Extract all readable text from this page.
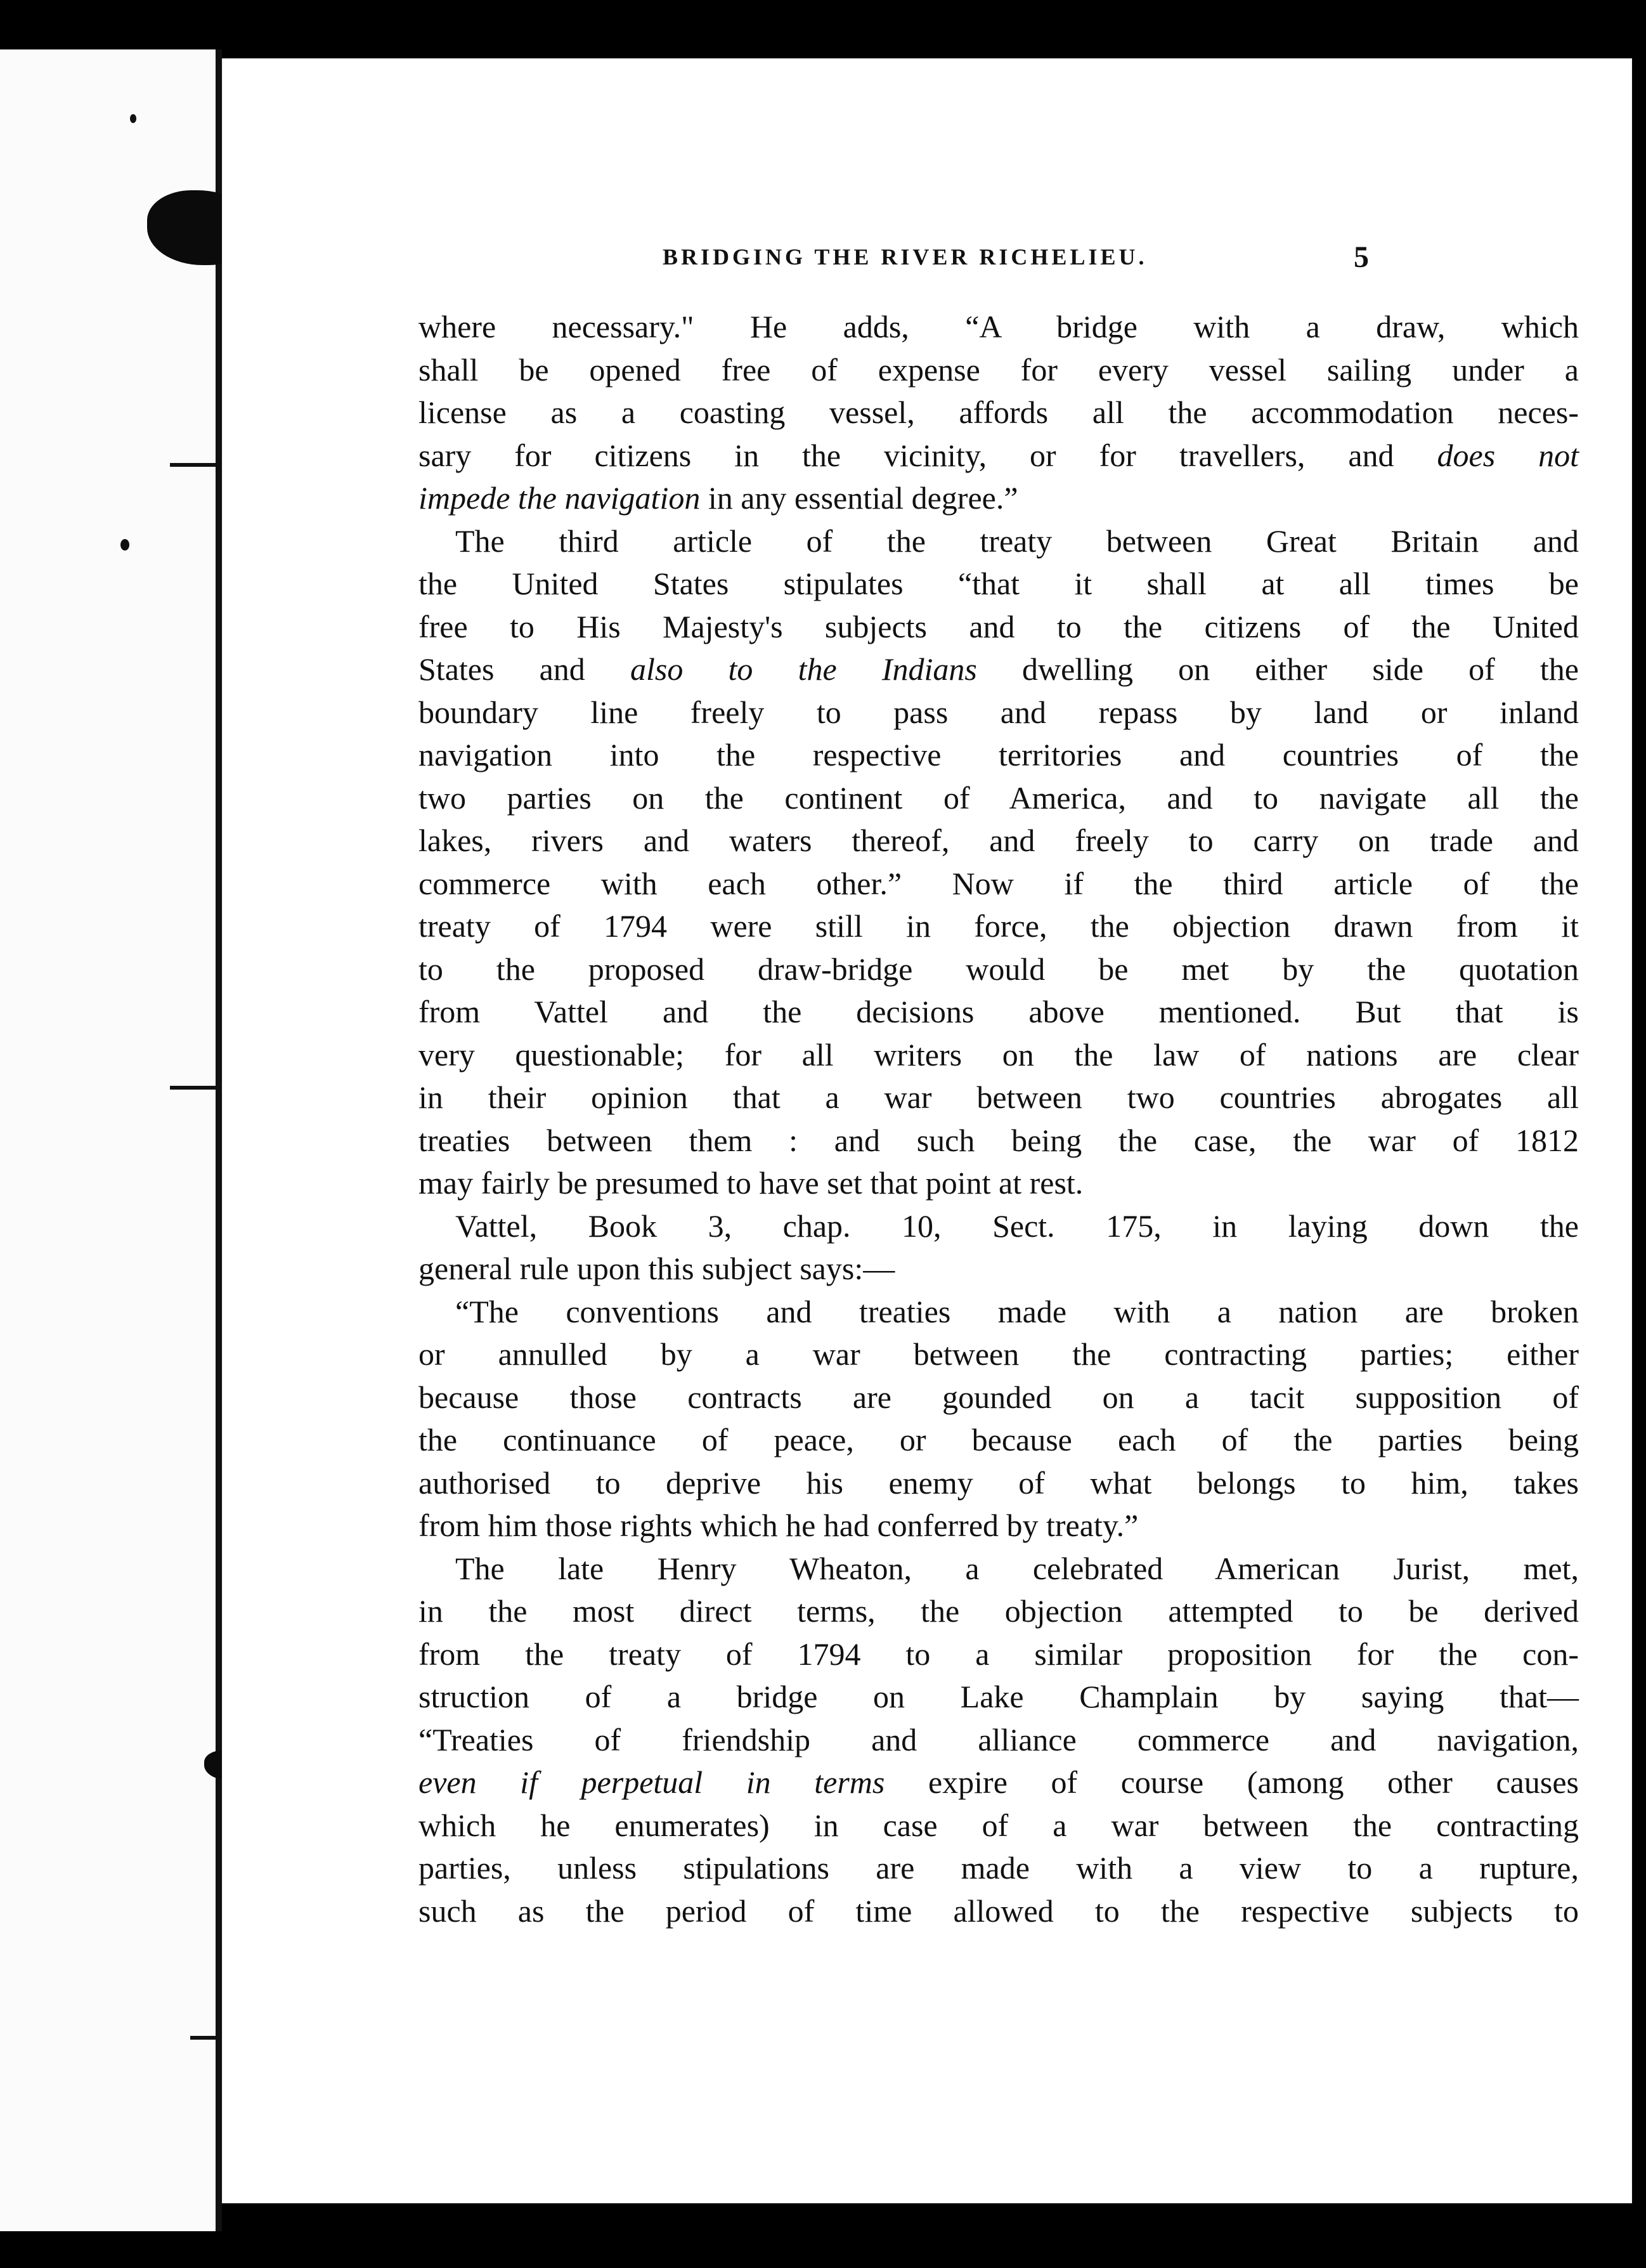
BRIDGING THE RIVER RICHELIEU.	5
where necessary." He adds, “A bridge with a draw, which
shall be opened free of expense for every vessel sailing under a
license as a coasting vessel, affords all the accommodation neces-
sary for citizens in the vicinity, or for travellers, and does not
impede the navigation in any essential degree.”
The third article of the treaty between Great Britain and
the United States stipulates “that it shall at all times be
free to His Majesty's subjects and to the citizens of the United
States and also to the Indians dwelling on either side of the
boundary line freely to pass and repass by land or inland
navigation into the respective territories and countries of the
two parties on the continent of America, and to navigate all the
lakes, rivers and waters thereof, and freely to carry on trade and
commerce with each other.” Now if the third article of the
treaty of 1794 were still in force, the objection drawn from it
to the proposed draw-bridge would be met by the quotation
from Vattel and the decisions above mentioned. But that is
very questionable; for all writers on the law of nations are clear
in their opinion that a war between two countries abrogates all
treaties between them : and such being the case, the war of 1812
may fairly be presumed to have set that point at rest.
Vattel, Book 3, chap. 10, Sect. 175, in laying down the
general rule upon this subject says:—
“The conventions and treaties made with a nation are broken
or annulled by a war between the contracting parties; either
because those contracts are gounded on a tacit supposition of
the continuance of peace, or because each of the parties being
authorised to deprive his enemy of what belongs to him, takes
from him those rights which he had conferred by treaty.”
The late Henry Wheaton, a celebrated American Jurist, met,
in the most direct terms, the objection attempted to be derived
from the treaty of 1794 to a similar proposition for the con-
struction of a bridge on Lake Champlain by saying that—
“Treaties of friendship and alliance commerce and navigation,
even if perpetual in terms expire of course (among other causes
which he enumerates) in case of a war between the contracting
parties, unless stipulations are made with a view to a rupture,
such as the period of time allowed to the respective subjects to
